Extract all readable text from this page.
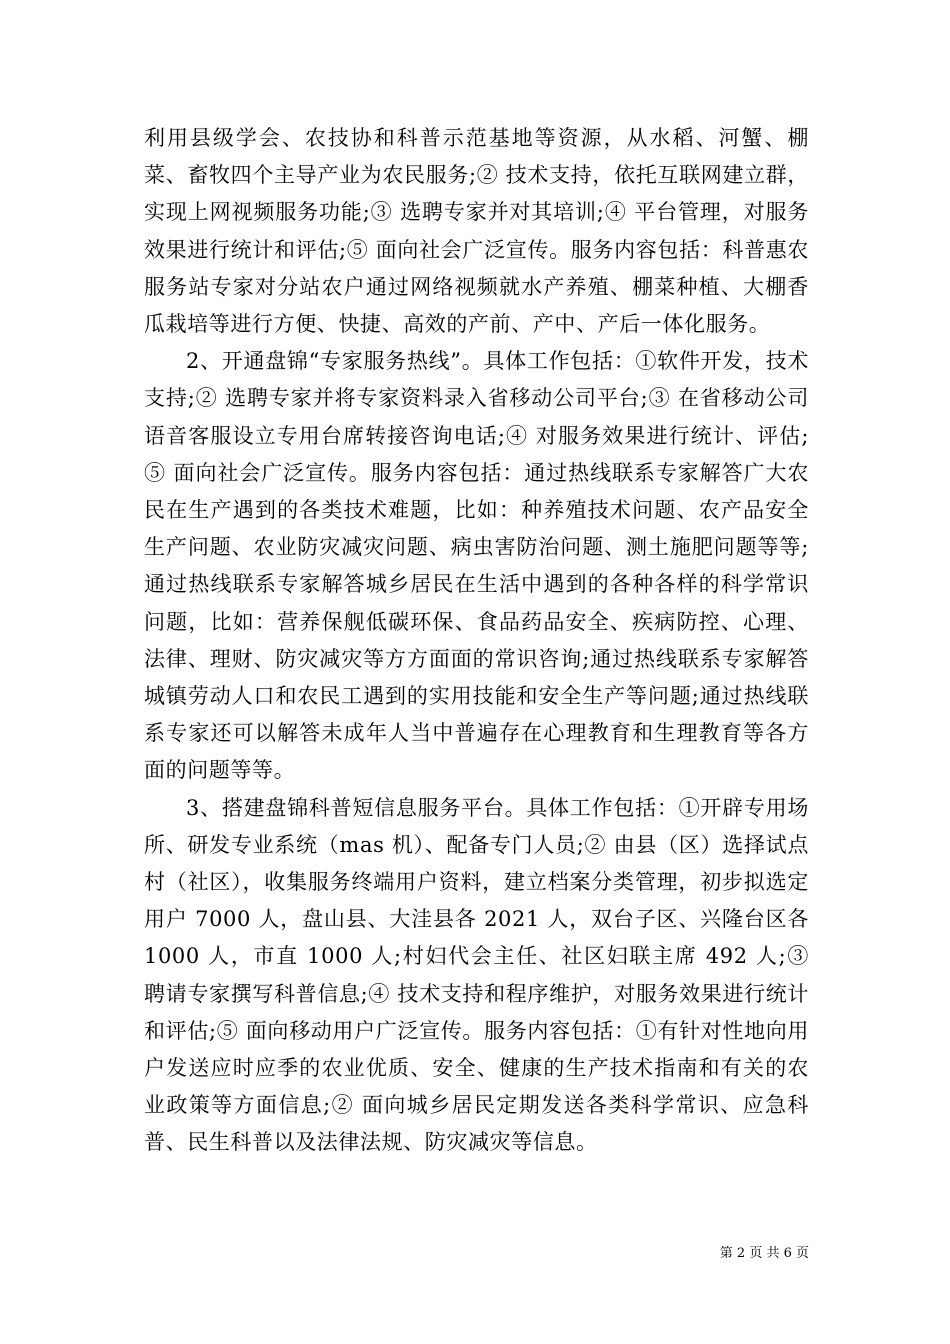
利用县级学会、农技协和科普示范基地等资源，从水稻、河蟹、棚菜、畜牧四个主导产业为农民服务;② 技术支持，依托互联网建立群，实现上网视频服务功能;③ 选聘专家并对其培训;④ 平台管理，对服务效果进行统计和评估;⑤ 面向社会广泛宣传。服务内容包括：科普惠农服务站专家对分站农户通过网络视频就水产养殖、棚菜种植、大棚香瓜栽培等进行方便、快捷、高效的产前、产中、产后一体化服务。

2、开通盘锦“专家服务热线”。具体工作包括：①软件开发，技术支持;② 选聘专家并将专家资料录入省移动公司平台;③ 在省移动公司语音客服设立专用台席转接咨询电话;④ 对服务效果进行统计、评估;⑤ 面向社会广泛宣传。服务内容包括：通过热线联系专家解答广大农民在生产遇到的各类技术难题，比如：种养殖技术问题、农产品安全生产问题、农业防灾减灾问题、病虫害防治问题、测土施肥问题等等;通过热线联系专家解答城乡居民在生活中遇到的各种各样的科学常识问题，比如：营养保舰低碳环保、食品药品安全、疾病防控、心理、法律、理财、防灾减灾等方方面面的常识咨询;通过热线联系专家解答城镇劳动人口和农民工遇到的实用技能和安全生产等问题;通过热线联系专家还可以解答未成年人当中普遍存在心理教育和生理教育等各方面的问题等等。

3、搭建盘锦科普短信息服务平台。具体工作包括：①开辟专用场所、研发专业系统（mas 机）、配备专门人员;② 由县（区）选择试点村（社区），收集服务终端用户资料，建立档案分类管理，初步拟选定用户 7000 人，盘山县、大洼县各 2021 人，双台子区、兴隆台区各 1000 人，市直 1000 人;村妇代会主任、社区妇联主席 492 人;③ 聘请专家撰写科普信息;④ 技术支持和程序维护，对服务效果进行统计和评估;⑤ 面向移动用户广泛宣传。服务内容包括：①有针对性地向用户发送应时应季的农业优质、安全、健康的生产技术指南和有关的农业政策等方面信息;② 面向城乡居民定期发送各类科学常识、应急科普、民生科普以及法律法规、防灾减灾等信息。

第 2 页 共 6 页
